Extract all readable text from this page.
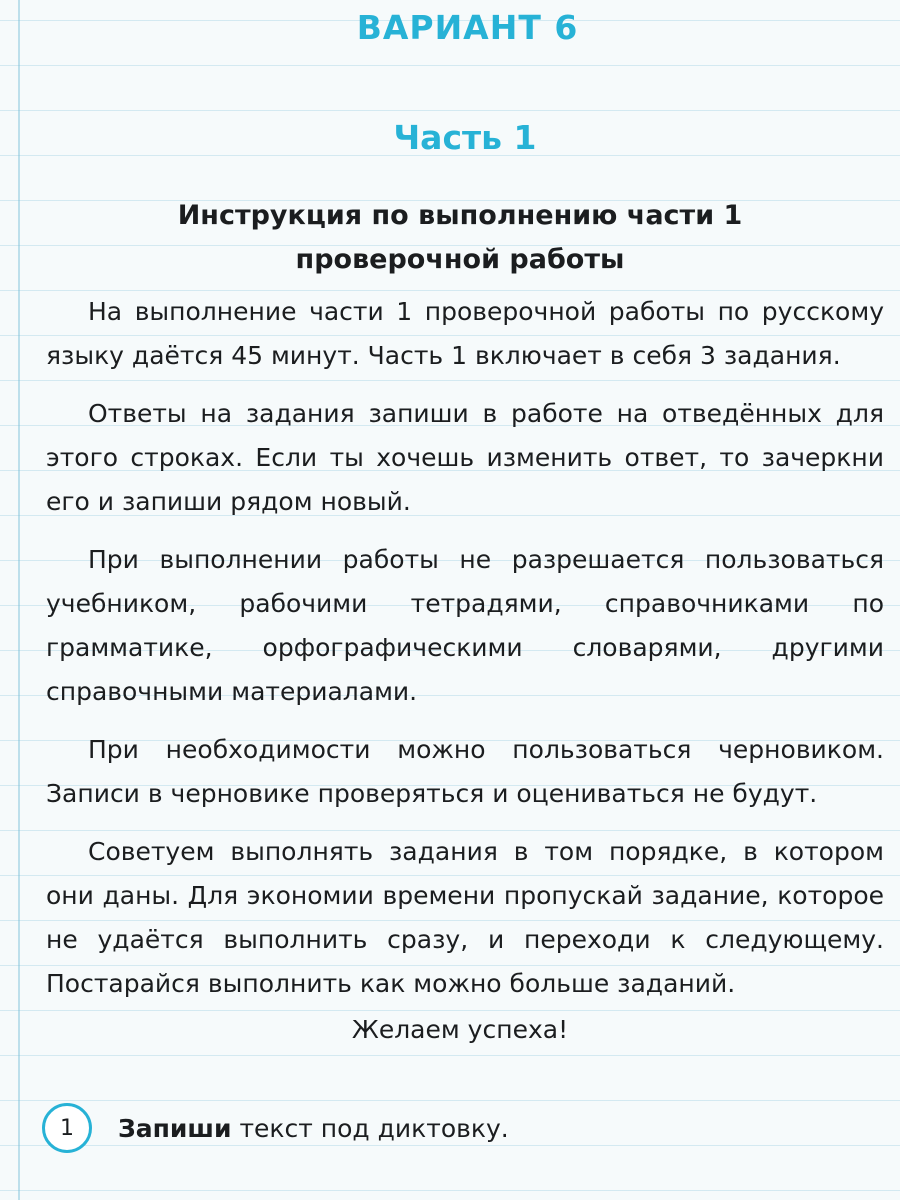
ВАРИАНТ 6
Часть 1
Инструкция по выполнению части 1
проверочной работы

На выполнение части 1 проверочной работы по русскому языку даётся 45 минут. Часть 1 включает в себя 3 задания.

Ответы на задания запиши в работе на отведённых для этого строках. Если ты хочешь изменить ответ, то зачеркни его и запиши рядом новый.

При выполнении работы не разрешается пользоваться учебником, рабочими тетрадями, справочниками по грамматике, орфографическими словарями, другими справочными материалами.

При необходимости можно пользоваться черновиком. Записи в черновике проверяться и оцениваться не будут.

Советуем выполнять задания в том порядке, в котором они даны. Для экономии времени пропускай задание, которое не удаётся выполнить сразу, и переходи к следующему. Постарайся выполнить как можно больше заданий.

Желаем успеха!
1	Запиши текст под диктовку.
